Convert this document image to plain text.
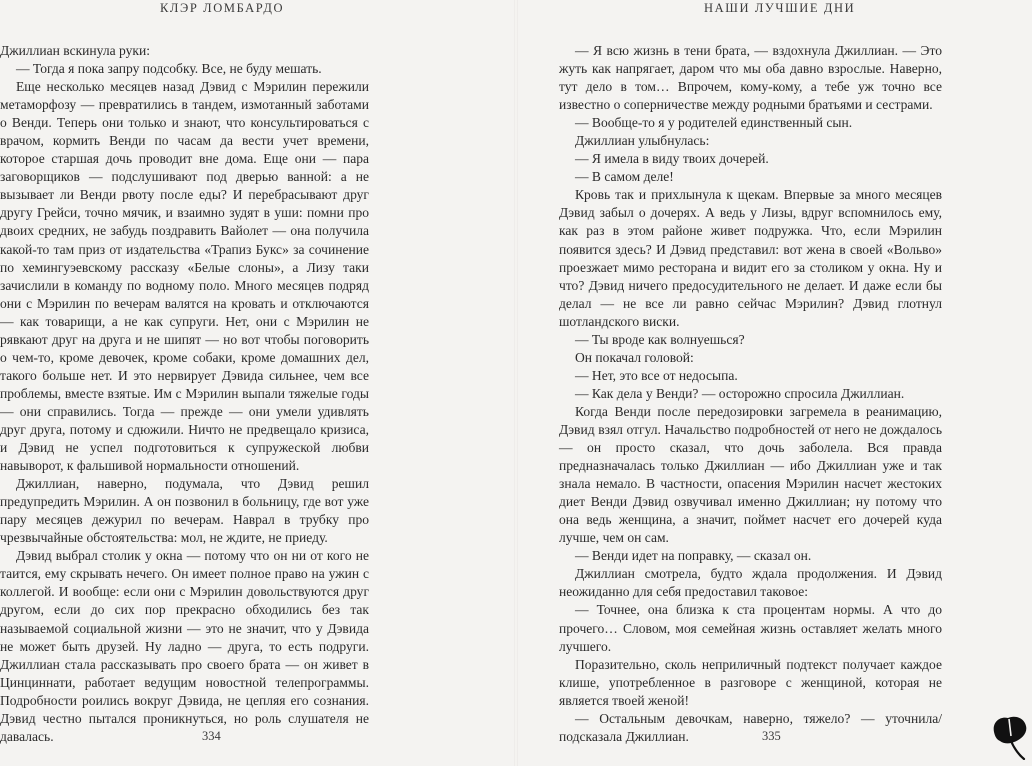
КЛЭР ЛОМБАРДО

Джиллиан вскинула руки:

— Тогда я пока запру подсобку. Все, не буду мешать.

Еще несколько месяцев назад Дэвид с Мэрилин пережили метаморфозу — превратились в тандем, измотанный заботами о Венди. Теперь они только и знают, что консультироваться с врачом, кормить Венди по часам да вести учет времени, которое старшая дочь проводит вне дома. Еще они — пара заговорщиков — подслушивают под дверью ванной: а не вызывает ли Венди рвоту после еды? И перебрасывают друг другу Грейси, точно мячик, и взаимно зудят в уши: помни про двоих средних, не забудь поздравить Вайолет — она получила какой-то там приз от издательства «Трапиз Букс» за сочинение по хемингуэевскому рассказу «Белые слоны», а Лизу таки зачислили в команду по водному поло. Много месяцев подряд они с Мэрилин по вечерам валятся на кровать и отключаются — как товарищи, а не как супруги. Нет, они с Мэрилин не рявкают друг на друга и не шипят — но вот чтобы поговорить о чем-то, кроме девочек, кроме собаки, кроме домашних дел, такого больше нет. И это нервирует Дэвида сильнее, чем все проблемы, вместе взятые. Им с Мэрилин выпали тяжелые годы — они справились. Тогда — прежде — они умели удивлять друг друга, потому и сдюжили. Ничто не предвещало кризиса, и Дэвид не успел подготовиться к супружеской любви навыворот, к фальшивой нормальности отношений.

Джиллиан, наверно, подумала, что Дэвид решил предупредить Мэрилин. А он позвонил в больницу, где вот уже пару месяцев дежурил по вечерам. Наврал в трубку про чрезвычайные обстоятельства: мол, не ждите, не приеду.

Дэвид выбрал столик у окна — потому что он ни от кого не таится, ему скрывать нечего. Он имеет полное право на ужин с коллегой. И вообще: если они с Мэрилин довольствуются друг другом, если до сих пор прекрасно обходились без так называемой социальной жизни — это не значит, что у Дэвида не может быть друзей. Ну ладно — друга, то есть подруги. Джиллиан стала рассказывать про своего брата — он живет в Цинциннати, работает ведущим новостной телепрограммы. Подробности роились вокруг Дэвида, не цепляя его сознания. Дэвид честно пытался проникнуться, но роль слушателя не давалась.	334
НАШИ ЛУЧШИЕ ДНИ

— Я всю жизнь в тени брата, — вздохнула Джиллиан. — Это жуть как напрягает, даром что мы оба давно взрослые. Наверно, тут дело в том… Впрочем, кому-кому, а тебе уж точно все известно о соперничестве между родными братьями и сестрами.

— Вообще-то я у родителей единственный сын.

Джиллиан улыбнулась:

— Я имела в виду твоих дочерей.

— В самом деле!

Кровь так и прихлынула к щекам. Впервые за много месяцев Дэвид забыл о дочерях. А ведь у Лизы, вдруг вспомнилось ему, как раз в этом районе живет подружка. Что, если Мэрилин появится здесь? И Дэвид представил: вот жена в своей «Вольво» проезжает мимо ресторана и видит его за столиком у окна. Ну и что? Дэвид ничего предосудительного не делает. И даже если бы делал — не все ли равно сейчас Мэрилин? Дэвид глотнул шотландского виски.

— Ты вроде как волнуешься?

Он покачал головой:

— Нет, это все от недосыпа.

— Как дела у Венди? — осторожно спросила Джиллиан.

Когда Венди после передозировки загремела в реанимацию, Дэвид взял отгул. Начальство подробностей от него не дождалось — он просто сказал, что дочь заболела. Вся правда предназначалась только Джиллиан — ибо Джиллиан уже и так знала немало. В частности, опасения Мэрилин насчет жестоких диет Венди Дэвид озвучивал именно Джиллиан; ну потому что она ведь женщина, а значит, поймет насчет его дочерей куда лучше, чем он сам.

— Венди идет на поправку, — сказал он.

Джиллиан смотрела, будто ждала продолжения. И Дэвид неожиданно для себя предоставил таковое:

— Точнее, она близка к ста процентам нормы. А что до прочего… Словом, моя семейная жизнь оставляет желать много лучшего.

Поразительно, сколь неприличный подтекст получает каждое клише, употребленное в разговоре с женщиной, которая не является твоей женой!

— Остальным девочкам, наверно, тяжело? — уточнила/подсказала Джиллиан.	335
